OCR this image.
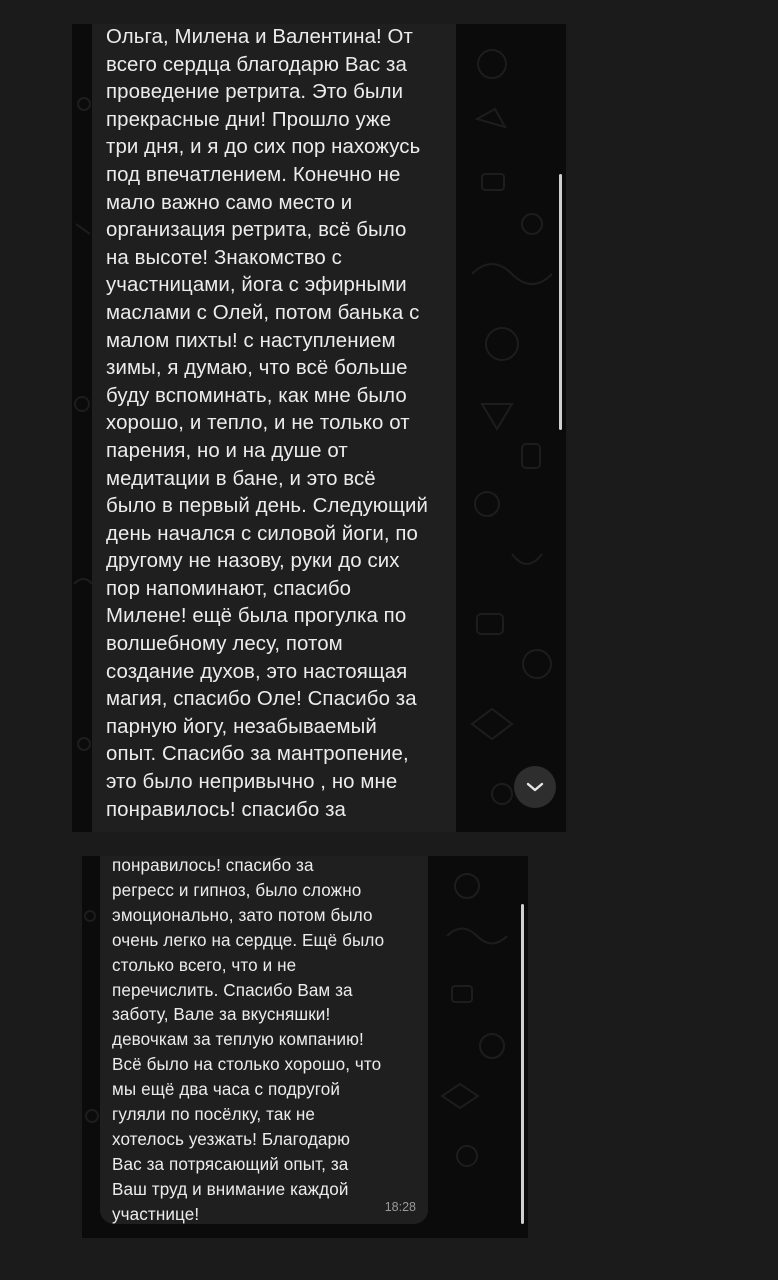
Ольга, Милена и Валентина! От
всего сердца благодарю Вас за
проведение ретрита. Это были
прекрасные дни! Прошло уже
три дня, и я до сих пор нахожусь
под впечатлением. Конечно не
мало важно само место и
организация ретрита, всё было
на высоте! Знакомство с
участницами, йога с эфирными
маслами с Олей, потом банька с
малом пихты! с наступлением
зимы, я думаю, что всё больше
буду вспоминать, как мне было
хорошо, и тепло, и не только от
парения, но и на душе от
медитации в бане, и это всё
было в первый день. Следующий
день начался с силовой йоги, по
другому не назову, руки до сих
пор напоминают, спасибо
Милене! ещё была прогулка по
волшебному лесу, потом
создание духов, это настоящая
магия, спасибо Оле! Спасибо за
парную йогу, незабываемый
опыт. Спасибо за мантропение,
это было непривычно , но мне
понравилось! спасибо за
понравилось! спасибо за
регресс и гипноз, было сложно
эмоционально, зато потом было
очень легко на сердце. Ещё было
столько всего, что и не
перечислить. Спасибо Вам за
заботу, Вале за вкусняшки!
девочкам за теплую компанию!
Всё было на столько хорошо, что
мы ещё два часа с подругой
гуляли по посёлку, так не
хотелось уезжать! Благодарю
Вас за потрясающий опыт, за
Ваш труд и внимание каждой
участнице!	18:28
